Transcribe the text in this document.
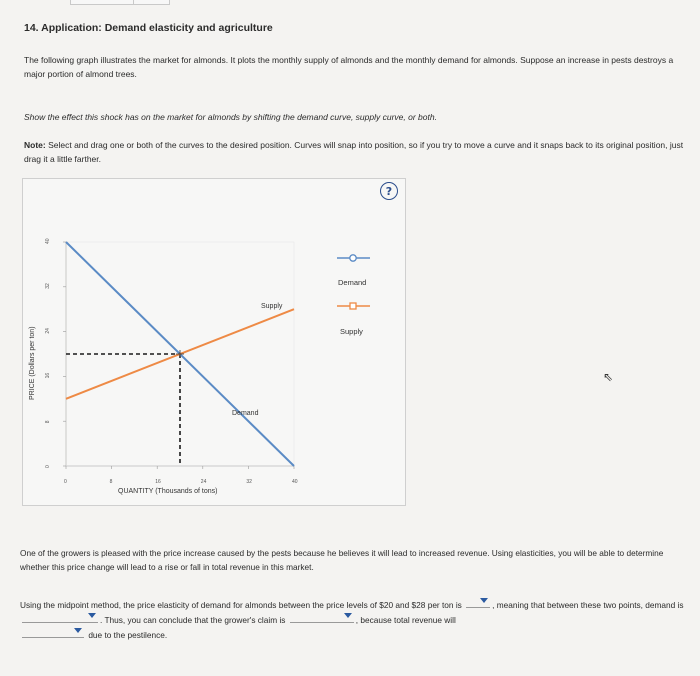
14. Application: Demand elasticity and agriculture
The following graph illustrates the market for almonds. It plots the monthly supply of almonds and the monthly demand for almonds. Suppose an increase in pests destroys a major portion of almond trees.
Show the effect this shock has on the market for almonds by shifting the demand curve, supply curve, or both.
Note: Select and drag one or both of the curves to the desired position. Curves will snap into position, so if you try to move a curve and it snaps back to its original position, just drag it a little farther.
?
0
8
16
24
32
40
0	8	16	24	32	40
PRICE (Dollars per ton)
QUANTITY (Thousands of tons)
Supply
Demand
Demand
Supply
⇖
One of the growers is pleased with the price increase caused by the pests because he believes it will lead to increased revenue. Using elasticities, you will be able to determine whether this price change will lead to a rise or fall in total revenue in this market.
Using the midpoint method, the price elasticity of demand for almonds between the price levels of $20 and $28 per ton is	, meaning that between these two points, demand is
. Thus, you can conclude that the grower's claim is	, because total revenue will

due to the pestilence.
